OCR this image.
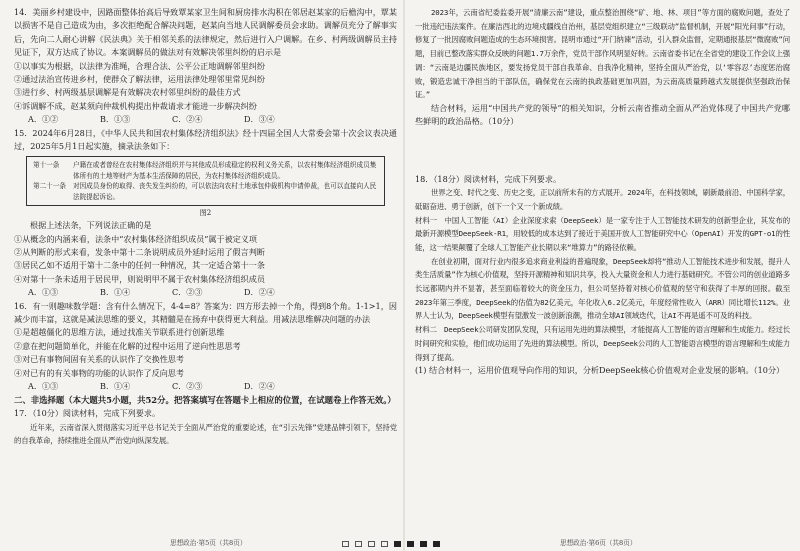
14．美丽乡村建设中，因路面整体抬高后导致覃某家卫生间和厨房排水沟积在邻居赵某家的后檐沟中，覃某以损害不是自己造成为由，多次拒绝配合解决问题，赵某向当地人民调解委员会求助。调解员充分了解事实后，先向二人耐心讲解《民法典》关于相邻关系的法律规定，然后进行入户调解。在乡、村两级调解员主持见证下，双方达成了协议。本案调解员的做法对有效解决邻里纠纷的启示是

①以事实为根据，以法律为准绳，合理合法、公平公正地调解邻里纠纷

②通过法治宣传进乡村，使群众了解法律，运用法律处理邻里常见纠纷

③进行乡、村两级基层调解是有效解决农村邻里纠纷的最佳方式

④诉调解不成，赵某须向仲裁机构提出仲裁请求才能进一步解决纠纷

A．①②	B．①③	C．②④	D．③④

15．2024年6月28日，《中华人民共和国农村集体经济组织法》经十四届全国人大常委会第十次会议表决通过，2025年5月1日起实施，摘录法条如下：

第十一条	户籍在或者曾经在农村集体经济组织并与其他成员形成稳定的权利义务关系，以农村集体经济组织成员集体所有的土地等财产为基本生活保障的居民，为农村集体经济组织成员。
第二十一条	对因成员身份的取得、丧失发生纠纷的，可以依法向农村土地承包仲裁机构申请仲裁，也可以直接向人民法院提起诉讼。

图2

根据上述法条，下列说法正确的是

①从概念的内涵来看，法条中“农村集体经济组织成员”属于被定义项

②从判断的形式来看，发条中第十二条说明成员外延时运用了假言判断

③居民乙如不适用于第十二条中的任何一种情况，其一定适合第十一条

④对第十一条未适用于居民甲，则说明甲不属于农村集体经济组织成员

A．①③	B．①④	C．②③	D．②④

16．有一则趣味数学题：含有什么情况下，4-4=8？答案为：四方形去掉一个角，得到8个角。1-1>1，因减少而丰富，这就是减法思维的要义，其精髓是在扬弃中获得更大利益。用减法思维解决问题的办法

①是超越僵化的思维方法，通过找准关节联系进行创新思维

②意在把问题简单化，并能在化解的过程中运用了逆向性思思考

③对已有事物间固有关系的认识作了交换性思考

④对已有的有关事物的功能的认识作了反向思考

A．①③	B．①④	C．②③	D．②④

二、非选择题（本大题共5小题，共52分。把答案填写在答题卡上相应的位置，在试题卷上作答无效。）

17．（10分）阅读材料，完成下列要求。

近年来，云南省深入贯彻落实习近平总书记关于全面从严治党的重要论述，在“引云先锋”党建品牌引领下，坚持党的自我革命，持续推进全面从严治党向纵深发展。

2023年，云南省纪委监委开展“清廉云南”建设，重点整治围绕“矿、地、林、项目”等方面的腐败问题，查处了一批违纪违法案件。在廉洁西北的边境戍疆线自治州，基层党组织建立“三级联动”监督机制，开展“阳光问事”行动，修复了一批因腐败问题造成的生态环境损害。昆明市通过“开门纳谏”活动，引入群众监督，定期通报基层“微腐败”问题，目前已整改落实群众反映的问题1.7万余件，党员干部作风明显好转。云南省委书记在全省党的建设工作会议上强调：“云南是边疆民族地区，要发扬党员干部自我革命、自我净化精神，坚持全面从严治党，以‘零容忍’态度惩治腐败，锻造忠诚干净担当的干部队伍，确保党在云南的执政基础更加巩固，为云南高质量跨越式发展提供坚强政治保证。”

结合材料，运用“中国共产党的领导”的相关知识，分析云南省推动全面从严治党体现了中国共产党哪些鲜明的政治品格。（10分）

18．（18分）阅读材料，完成下列要求。

世界之变、时代之变、历史之变，正以前所未有的方式展开。2024年，在科技领域，刷新最前沿、中国科学家，砥砺奋进、勇于创新，创下一个又一个新成绩。

材料一　中国人工智能（AI）企业深度求索（DeepSeek）是一家专注于人工智能技术研发的创新型企业，其发布的最新开源模型DeepSeek-R1，用较低的成本达到了接近于美国开放人工智能研究中心（OpenAI）开发的GPT-o1的性能，这一结果颠覆了全球人工智能产业长期以来“堆算力”的路径依赖。

在创业初期，面对行业内很多追求商业利益的普遍现象，DeepSeek却将“推动人工智能技术进步和发展，提升人类生活质量”作为核心价值观，坚持开源精神和知识共享，投入大量资金和人力进行基础研究。不管公司的创业道路多长远都期内并不显著，甚至面临着较大的资金压力，但公司坚持着对核心价值观的坚守和获得了丰厚的回报。截至2023年第三季度，DeepSeek的估值为82亿美元，年化收入6.2亿美元，年度经常性收入（ARR）同比增长112%。业界人士认为，DeepSeek模型有望激发一波创新浪潮，推动全球AI领域迭代，让AI不再是遥不可及的科技。

材料二　DeepSeek公司研发团队发现，只有运用先进的算法模型，才能提高人工智能的语言理解和生成能力。经过长时间研究和实验，他们成功运用了先进的算法模型。所以，DeepSeek公司的人工智能语言模型的语言理解和生成能力得到了提高。

(1) 结合材料一，运用价值观导向作用的知识，分析DeepSeek核心价值观对企业发展的影响。（10分）

思想政治·第5页（共8页）	思想政治·第6页（共8页）
